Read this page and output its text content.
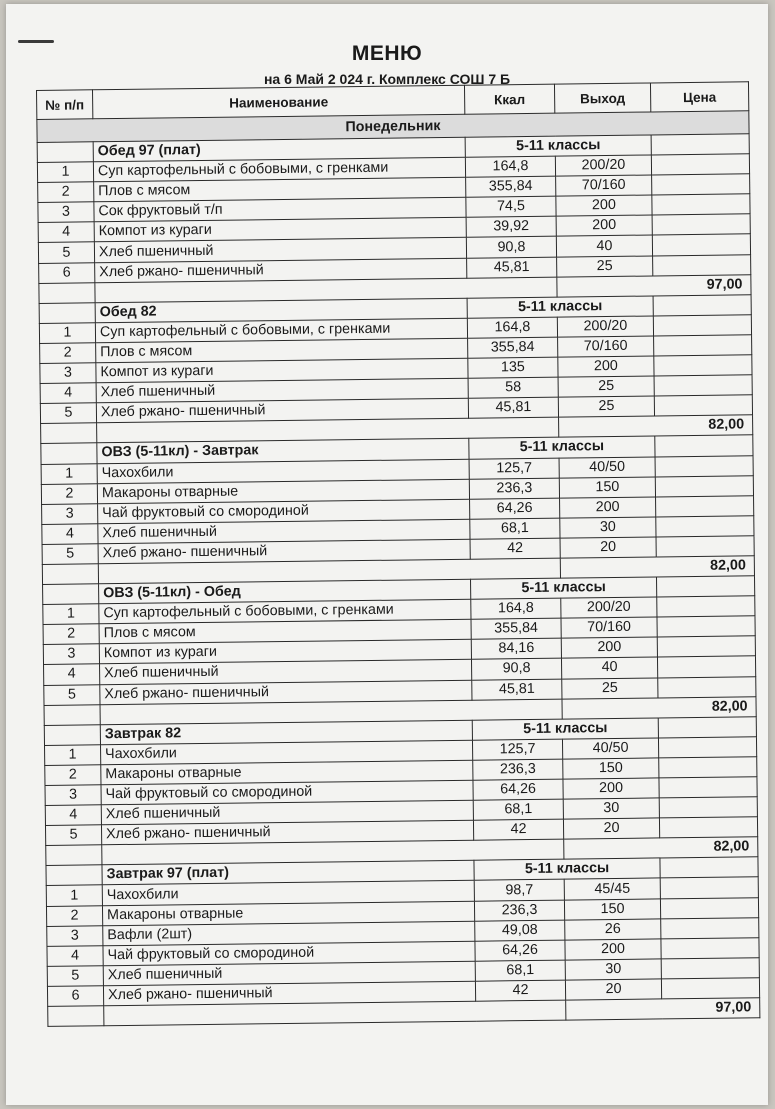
МЕНЮ
на 6 Май 2 024 г. Комплекс СОШ 7 Б
№ п/п	Наименование	Ккал	Выход	Цена
Понедельник				
	Обед 97 (плат)	5-11 классы		
1	Суп картофельный с бобовыми, с гренками	164,8	200/20	
2	Плов с мясом	355,84	70/160	
3	Сок фруктовый т/п	74,5	200	
4	Компот из кураги	39,92	200	
5	Хлеб пшеничный	90,8	40	
6	Хлеб ржано- пшеничный	45,81	25	
			97,00	
	Обед 82	5-11 классы		
1	Суп картофельный с бобовыми, с гренками	164,8	200/20	
2	Плов с мясом	355,84	70/160	
3	Компот из кураги	135	200	
4	Хлеб пшеничный	58	25	
5	Хлеб ржано- пшеничный	45,81	25	
			82,00	
	ОВЗ (5-11кл) - Завтрак	5-11 классы		
1	Чахохбили	125,7	40/50	
2	Макароны отварные	236,3	150	
3	Чай фруктовый со смородиной	64,26	200	
4	Хлеб пшеничный	68,1	30	
5	Хлеб ржано- пшеничный	42	20	
			82,00	
	ОВЗ (5-11кл) - Обед	5-11 классы		
1	Суп картофельный с бобовыми, с гренками	164,8	200/20	
2	Плов с мясом	355,84	70/160	
3	Компот из кураги	84,16	200	
4	Хлеб пшеничный	90,8	40	
5	Хлеб ржано- пшеничный	45,81	25	
			82,00	
	Завтрак 82	5-11 классы		
1	Чахохбили	125,7	40/50	
2	Макароны отварные	236,3	150	
3	Чай фруктовый со смородиной	64,26	200	
4	Хлеб пшеничный	68,1	30	
5	Хлеб ржано- пшеничный	42	20	
			82,00	
	Завтрак 97 (плат)	5-11 классы		
1	Чахохбили	98,7	45/45	
2	Макароны отварные	236,3	150	
3	Вафли (2шт)	49,08	26	
4	Чай фруктовый со смородиной	64,26	200	
5	Хлеб пшеничный	68,1	30	
6	Хлеб ржано- пшеничный	42	20	
			97,00	
